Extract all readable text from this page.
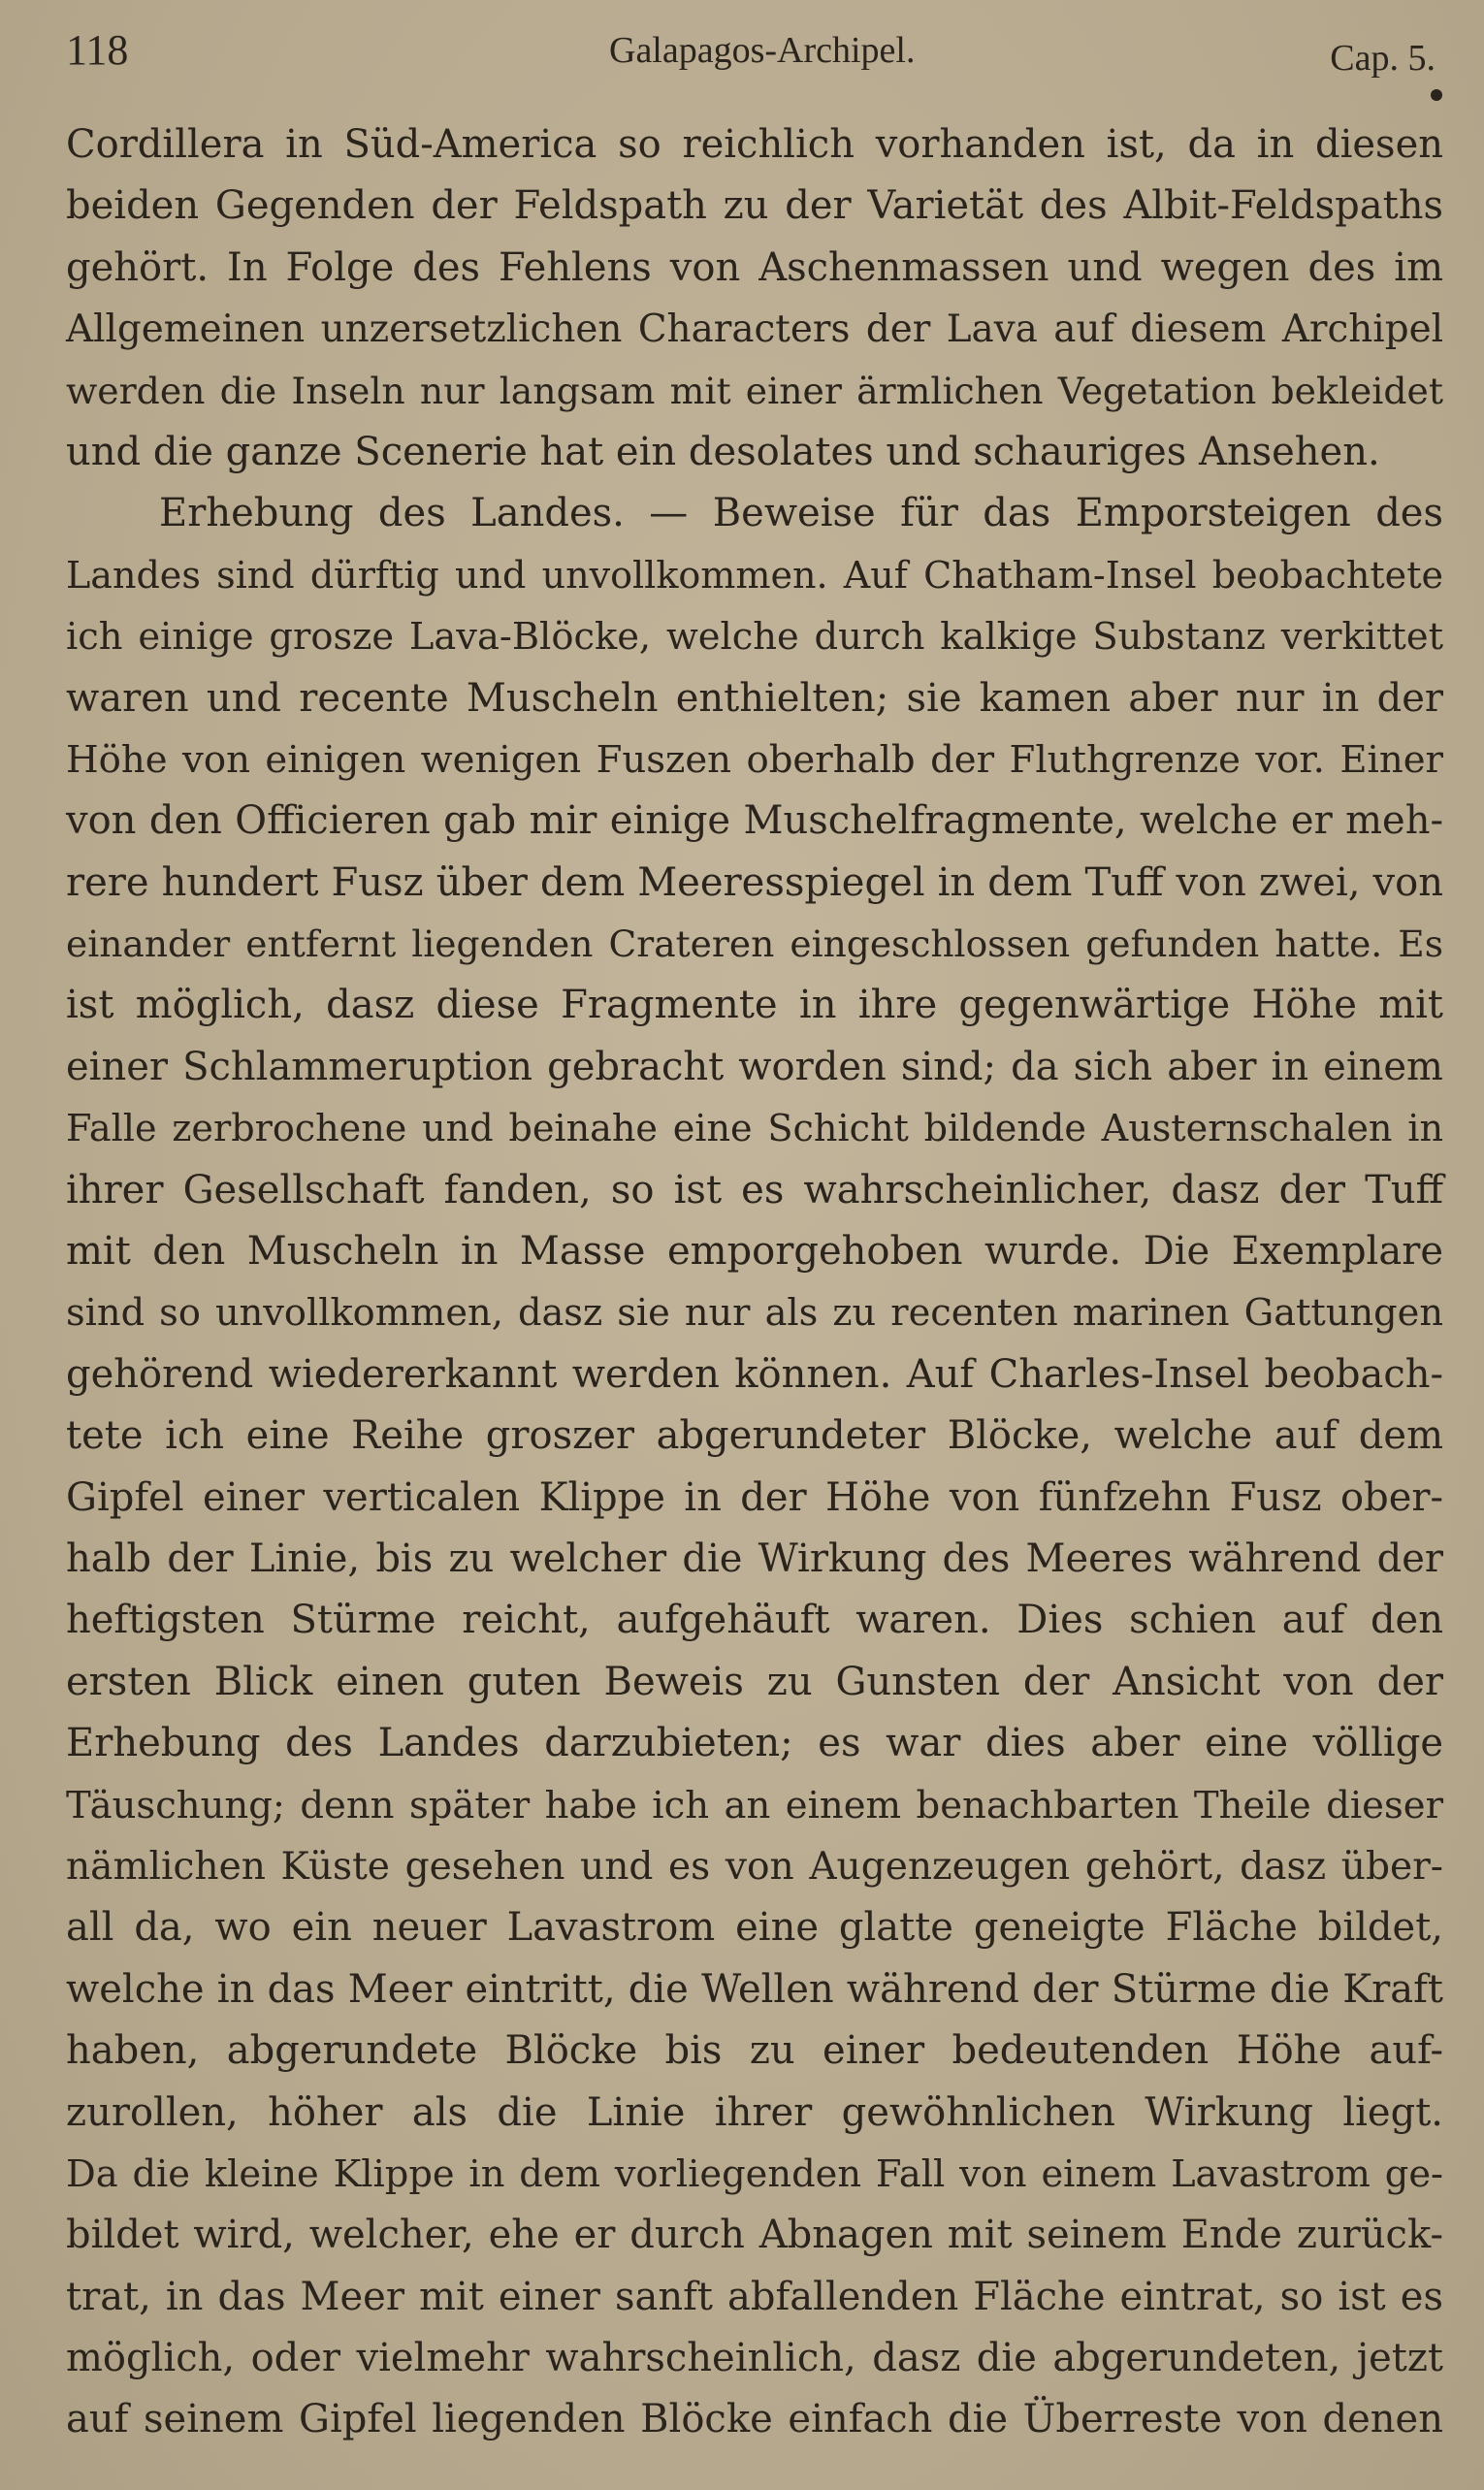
118	Galapagos-Archipel.	Cap. 5.
Cordillera in Süd-America so reichlich vorhanden ist, da in diesen
beiden Gegenden der Feldspath zu der Varietät des Albit-Feldspaths
gehört. In Folge des Fehlens von Aschenmassen und wegen des im
Allgemeinen unzersetzlichen Characters der Lava auf diesem Archipel
werden die Inseln nur langsam mit einer ärmlichen Vegetation bekleidet
und die ganze Scenerie hat ein desolates und schauriges Ansehen.
Erhebung des Landes. — Beweise für das Emporsteigen des
Landes sind dürftig und unvollkommen. Auf Chatham-Insel beobachtete
ich einige grosze Lava-Blöcke, welche durch kalkige Substanz verkittet
waren und recente Muscheln enthielten; sie kamen aber nur in der
Höhe von einigen wenigen Fuszen oberhalb der Fluthgrenze vor. Einer
von den Officieren gab mir einige Muschelfragmente, welche er meh-
rere hundert Fusz über dem Meeresspiegel in dem Tuff von zwei, von
einander entfernt liegenden Crateren eingeschlossen gefunden hatte. Es
ist möglich, dasz diese Fragmente in ihre gegenwärtige Höhe mit
einer Schlammeruption gebracht worden sind; da sich aber in einem
Falle zerbrochene und beinahe eine Schicht bildende Austernschalen in
ihrer Gesellschaft fanden, so ist es wahrscheinlicher, dasz der Tuff
mit den Muscheln in Masse emporgehoben wurde. Die Exemplare
sind so unvollkommen, dasz sie nur als zu recenten marinen Gattungen
gehörend wiedererkannt werden können. Auf Charles-Insel beobach-
tete ich eine Reihe groszer abgerundeter Blöcke, welche auf dem
Gipfel einer verticalen Klippe in der Höhe von fünfzehn Fusz ober-
halb der Linie, bis zu welcher die Wirkung des Meeres während der
heftigsten Stürme reicht, aufgehäuft waren. Dies schien auf den
ersten Blick einen guten Beweis zu Gunsten der Ansicht von der
Erhebung des Landes darzubieten; es war dies aber eine völlige
Täuschung; denn später habe ich an einem benachbarten Theile dieser
nämlichen Küste gesehen und es von Augenzeugen gehört, dasz über-
all da, wo ein neuer Lavastrom eine glatte geneigte Fläche bildet,
welche in das Meer eintritt, die Wellen während der Stürme die Kraft
haben, abgerundete Blöcke bis zu einer bedeutenden Höhe auf-
zurollen, höher als die Linie ihrer gewöhnlichen Wirkung liegt.
Da die kleine Klippe in dem vorliegenden Fall von einem Lavastrom ge-
bildet wird, welcher, ehe er durch Abnagen mit seinem Ende zurück-
trat, in das Meer mit einer sanft abfallenden Fläche eintrat, so ist es
möglich, oder vielmehr wahrscheinlich, dasz die abgerundeten, jetzt
auf seinem Gipfel liegenden Blöcke einfach die Überreste von denen
